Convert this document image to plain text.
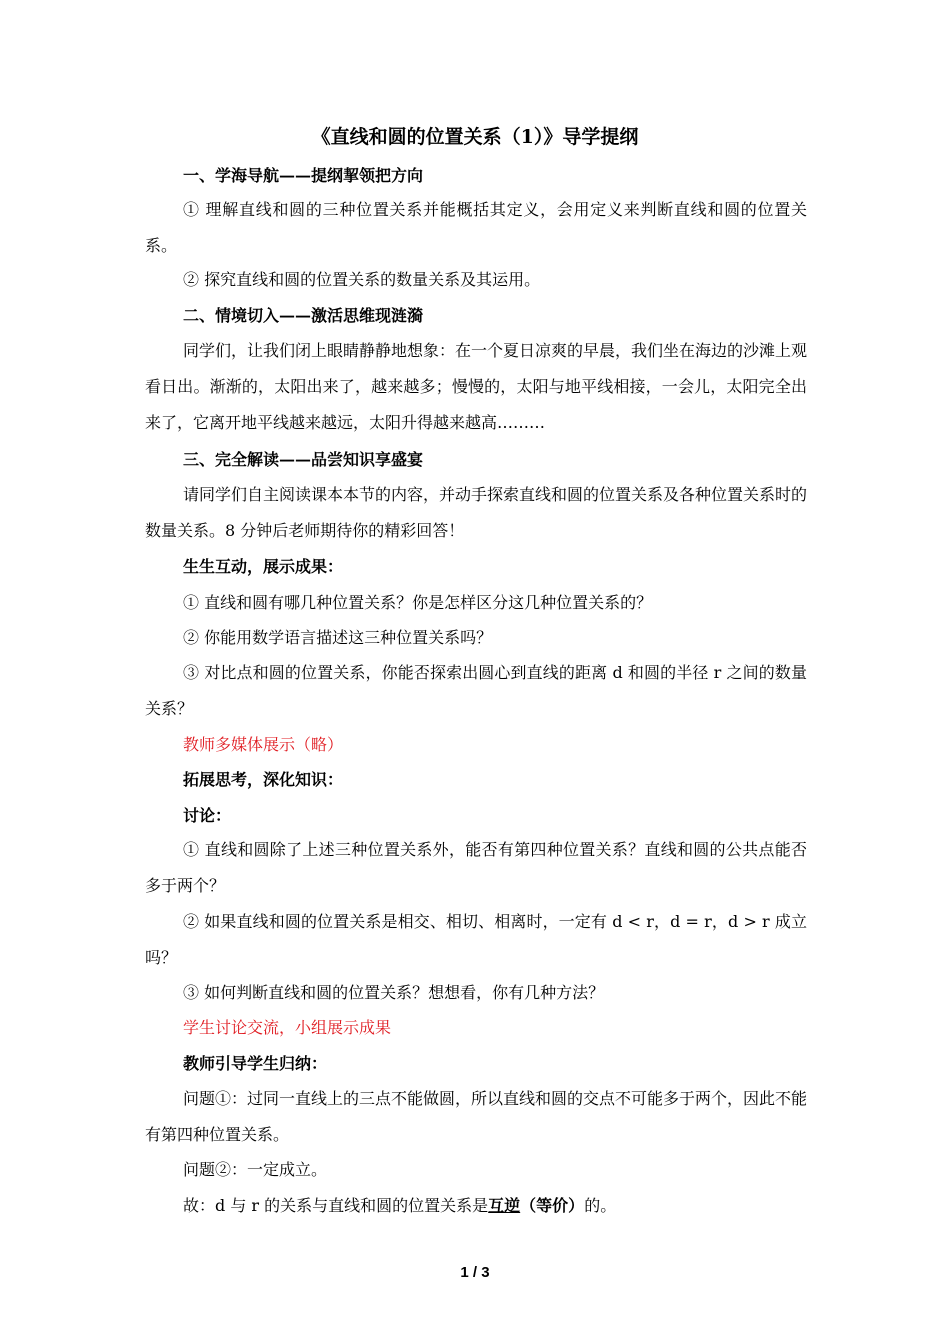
《直线和圆的位置关系（1）》导学提纲
一、学海导航——提纲挈领把方向
① 理解直线和圆的三种位置关系并能概括其定义，会用定义来判断直线和圆的位置关系。
② 探究直线和圆的位置关系的数量关系及其运用。
二、情境切入——激活思维现涟漪
同学们，让我们闭上眼睛静静地想象：在一个夏日凉爽的早晨，我们坐在海边的沙滩上观看日出。渐渐的，太阳出来了，越来越多；慢慢的，太阳与地平线相接，一会儿，太阳完全出来了，它离开地平线越来越远，太阳升得越来越高………
三、完全解读——品尝知识享盛宴
请同学们自主阅读课本本节的内容，并动手探索直线和圆的位置关系及各种位置关系时的数量关系。8 分钟后老师期待你的精彩回答！
生生互动，展示成果：
① 直线和圆有哪几种位置关系？你是怎样区分这几种位置关系的？
② 你能用数学语言描述这三种位置关系吗？
③ 对比点和圆的位置关系，你能否探索出圆心到直线的距离 d 和圆的半径 r 之间的数量关系？
教师多媒体展示（略）
拓展思考，深化知识：
讨论：
① 直线和圆除了上述三种位置关系外，能否有第四种位置关系？直线和圆的公共点能否多于两个？
② 如果直线和圆的位置关系是相交、相切、相离时，一定有 d < r，d = r，d > r 成立吗？
③ 如何判断直线和圆的位置关系？想想看，你有几种方法？
学生讨论交流，小组展示成果
教师引导学生归纳：
问题①：过同一直线上的三点不能做圆，所以直线和圆的交点不可能多于两个，因此不能有第四种位置关系。
问题②：一定成立。
故：d 与 r 的关系与直线和圆的位置关系是互逆（等价）的。
1 / 3
